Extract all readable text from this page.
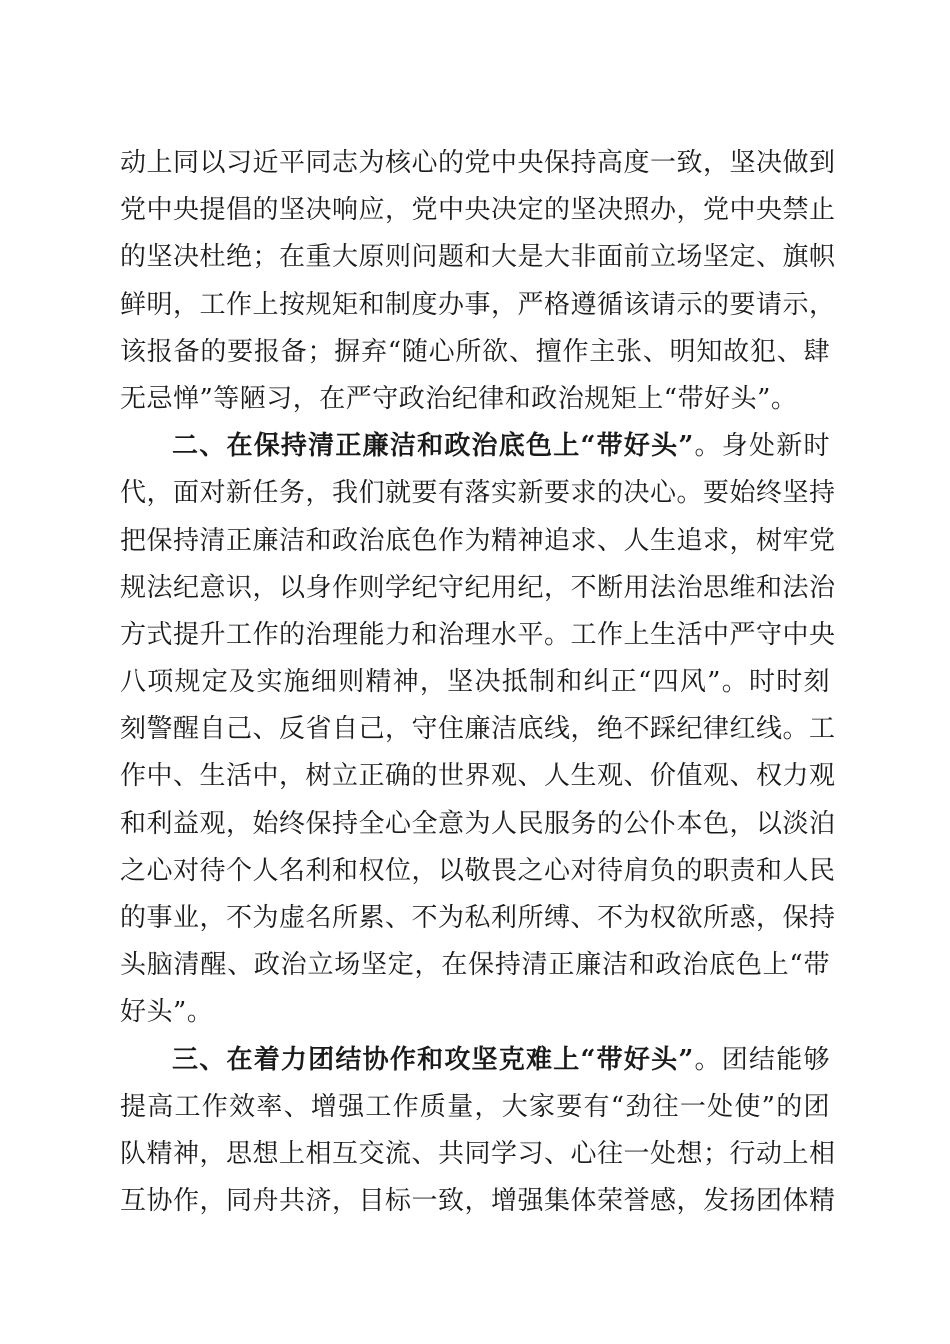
动上同以习近平同志为核心的党中央保持高度一致，坚决做到
党中央提倡的坚决响应，党中央决定的坚决照办，党中央禁止
的坚决杜绝；在重大原则问题和大是大非面前立场坚定、旗帜
鲜明，工作上按规矩和制度办事，严格遵循该请示的要请示，
该报备的要报备；摒弃“随心所欲、擅作主张、明知故犯、肆
无忌惮”等陋习，在严守政治纪律和政治规矩上“带好头”。
二、在保持清正廉洁和政治底色上“带好头”。身处新时
代，面对新任务，我们就要有落实新要求的决心。要始终坚持
把保持清正廉洁和政治底色作为精神追求、人生追求，树牢党
规法纪意识，以身作则学纪守纪用纪，不断用法治思维和法治
方式提升工作的治理能力和治理水平。工作上生活中严守中央
八项规定及实施细则精神，坚决抵制和纠正“四风”。时时刻
刻警醒自己、反省自己，守住廉洁底线，绝不踩纪律红线。工
作中、生活中，树立正确的世界观、人生观、价值观、权力观
和利益观，始终保持全心全意为人民服务的公仆本色，以淡泊
之心对待个人名利和权位，以敬畏之心对待肩负的职责和人民
的事业，不为虚名所累、不为私利所缚、不为权欲所惑，保持
头脑清醒、政治立场坚定，在保持清正廉洁和政治底色上“带
好头”。
三、在着力团结协作和攻坚克难上“带好头”。团结能够
提高工作效率、增强工作质量，大家要有“劲往一处使”的团
队精神，思想上相互交流、共同学习、心往一处想；行动上相
互协作，同舟共济，目标一致，增强集体荣誉感，发扬团体精
